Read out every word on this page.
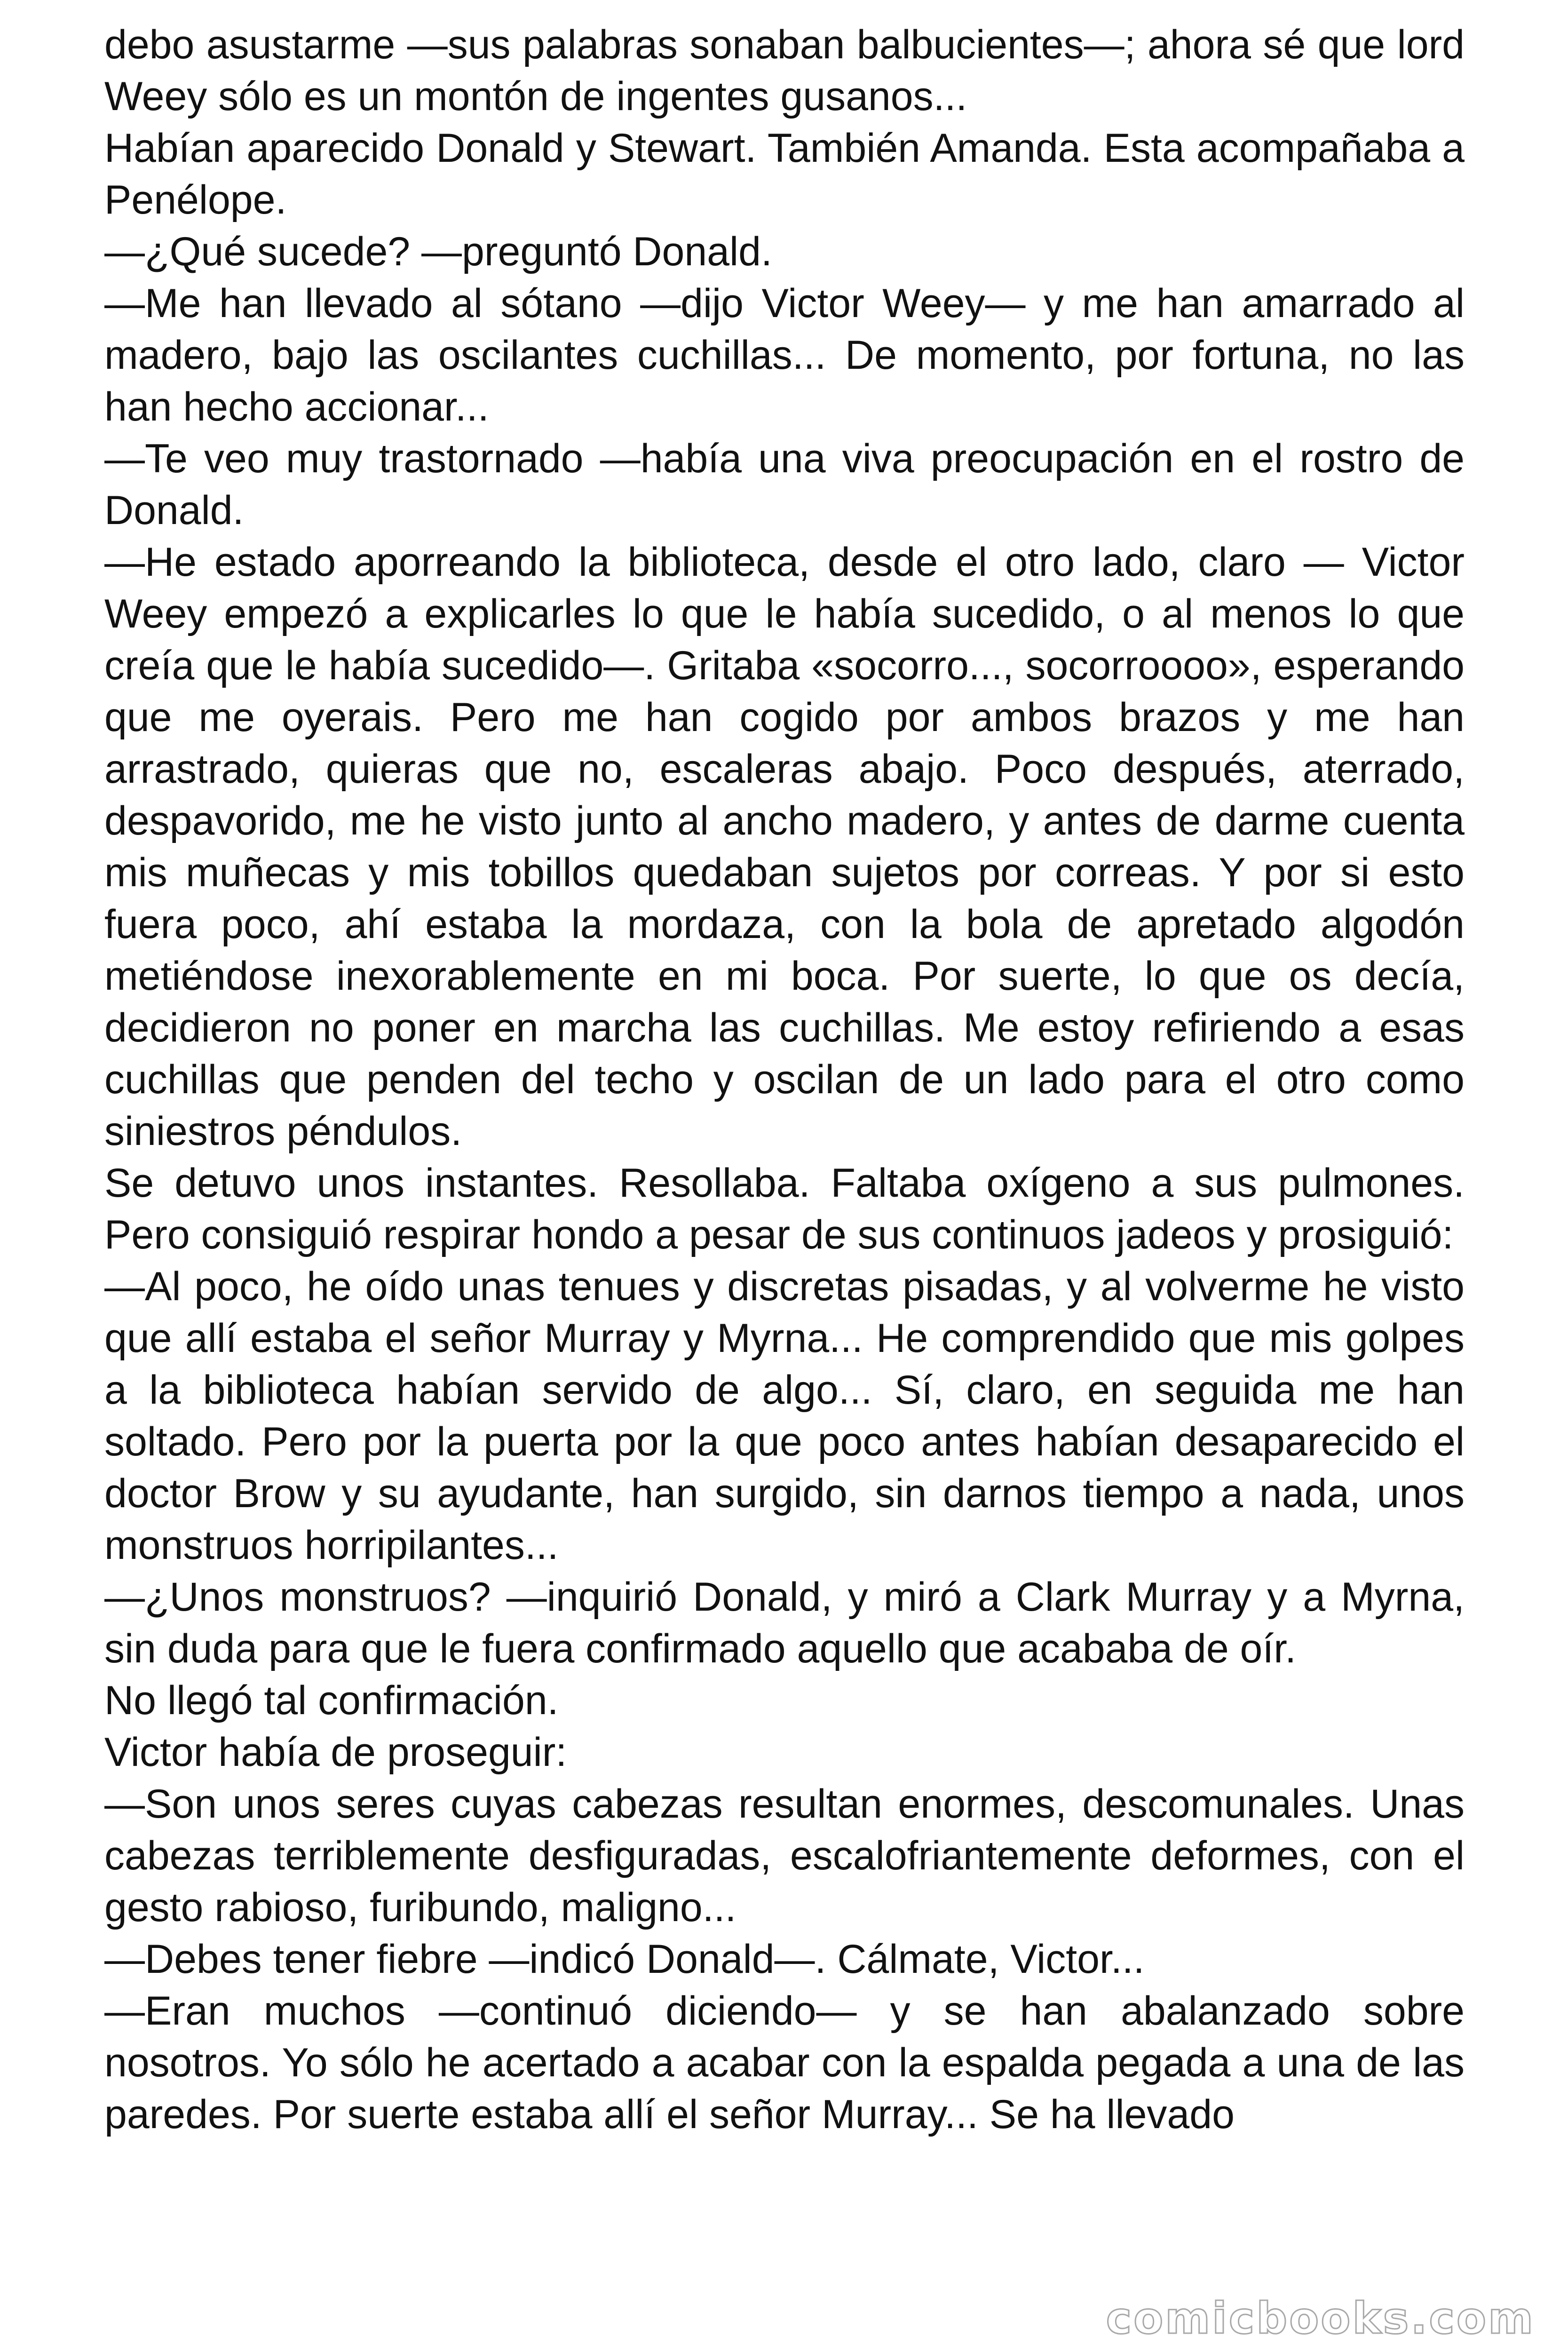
debo asustarme —sus palabras sonaban balbucientes—; ahora sé que lord Weey sólo es un montón de ingentes gusanos...

Habían aparecido Donald y Stewart. También Amanda. Esta acompañaba a Penélope.

—¿Qué sucede? —preguntó Donald.

—Me han llevado al sótano —dijo Victor Weey— y me han amarrado al madero, bajo las oscilantes cuchillas... De momento, por fortuna, no las han hecho accionar...

—Te veo muy trastornado —había una viva preocupación en el rostro de Donald.

—He estado aporreando la biblioteca, desde el otro lado, claro — Victor Weey empezó a explicarles lo que le había sucedido, o al menos lo que creía que le había sucedido—. Gritaba «socorro..., socorroooo», esperando que me oyerais. Pero me han cogido por ambos brazos y me han arrastrado, quieras que no, escaleras abajo. Poco después, aterrado, despavorido, me he visto junto al ancho madero, y antes de darme cuenta mis muñecas y mis tobillos quedaban sujetos por correas. Y por si esto fuera poco, ahí estaba la mordaza, con la bola de apretado algodón metiéndose inexorablemente en mi boca. Por suerte, lo que os decía, decidieron no poner en marcha las cuchillas. Me estoy refiriendo a esas cuchillas que penden del techo y oscilan de un lado para el otro como siniestros péndulos.

Se detuvo unos instantes. Resollaba. Faltaba oxígeno a sus pulmones. Pero consiguió respirar hondo a pesar de sus continuos jadeos y prosiguió:

—Al poco, he oído unas tenues y discretas pisadas, y al volverme he visto que allí estaba el señor Murray y Myrna... He comprendido que mis golpes a la biblioteca habían servido de algo... Sí, claro, en seguida me han soltado. Pero por la puerta por la que poco antes habían desaparecido el doctor Brow y su ayudante, han surgido, sin darnos tiempo a nada, unos monstruos horripilantes...

—¿Unos monstruos? —inquirió Donald, y miró a Clark Murray y a Myrna, sin duda para que le fuera confirmado aquello que acababa de oír.

No llegó tal confirmación.

Victor había de proseguir:

—Son unos seres cuyas cabezas resultan enormes, descomunales. Unas cabezas terriblemente desfiguradas, escalofriantemente deformes, con el gesto rabioso, furibundo, maligno...

—Debes tener fiebre —indicó Donald—. Cálmate, Victor...

—Eran muchos —continuó diciendo— y se han abalanzado sobre nosotros. Yo sólo he acertado a acabar con la espalda pegada a una de las paredes. Por suerte estaba allí el señor Murray... Se ha llevado

comicbooks.com
